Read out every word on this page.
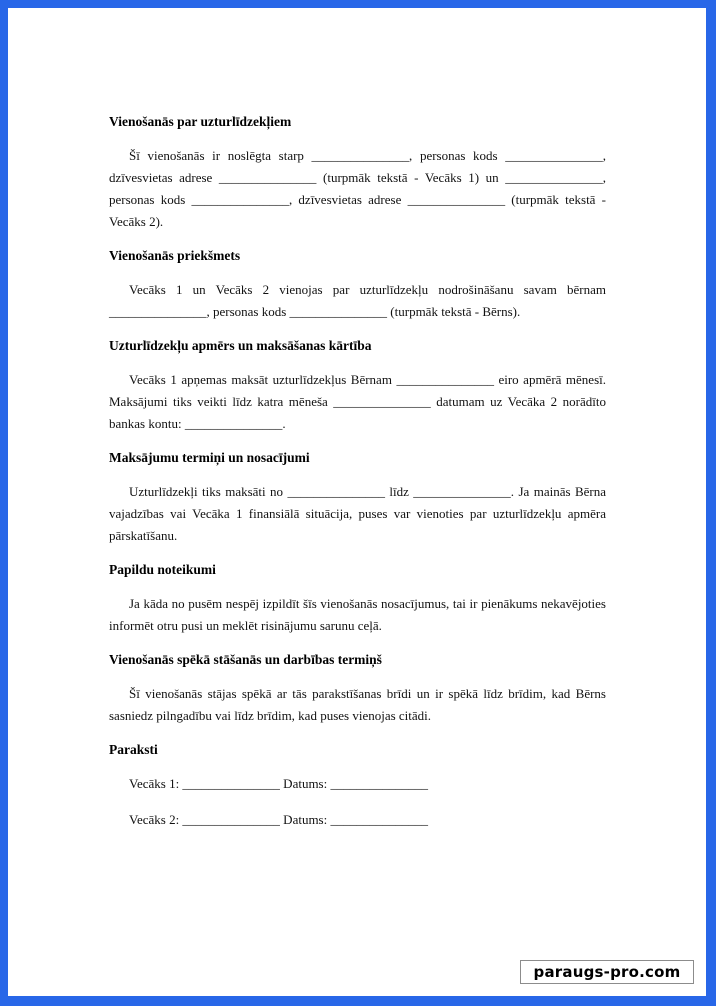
Vienošanās par uzturlīdzekļiem

Šī vienošanās ir noslēgta starp _______________, personas kods _______________, dzīvesvietas adrese _______________ (turpmāk tekstā - Vecāks 1) un _______________, personas kods _______________, dzīvesvietas adrese _______________ (turpmāk tekstā - Vecāks 2).

Vienošanās priekšmets

Vecāks 1 un Vecāks 2 vienojas par uzturlīdzekļu nodrošināšanu savam bērnam _______________, personas kods _______________ (turpmāk tekstā - Bērns).

Uzturlīdzekļu apmērs un maksāšanas kārtība

Vecāks 1 apņemas maksāt uzturlīdzekļus Bērnam _______________ eiro apmērā mēnesī. Maksājumi tiks veikti līdz katra mēneša _______________ datumam uz Vecāka 2 norādīto bankas kontu: _______________.

Maksājumu termiņi un nosacījumi

Uzturlīdzekļi tiks maksāti no _______________ līdz _______________. Ja mainās Bērna vajadzības vai Vecāka 1 finansiālā situācija, puses var vienoties par uzturlīdzekļu apmēra pārskatīšanu.

Papildu noteikumi

Ja kāda no pusēm nespēj izpildīt šīs vienošanās nosacījumus, tai ir pienākums nekavējoties informēt otru pusi un meklēt risinājumu sarunu ceļā.

Vienošanās spēkā stāšanās un darbības termiņš

Šī vienošanās stājas spēkā ar tās parakstīšanas brīdi un ir spēkā līdz brīdim, kad Bērns sasniedz pilngadību vai līdz brīdim, kad puses vienojas citādi.

Paraksti
Vecāks 1: _______________ Datums: _______________
Vecāks 2: _______________ Datums: _______________
paraugs-pro.com
